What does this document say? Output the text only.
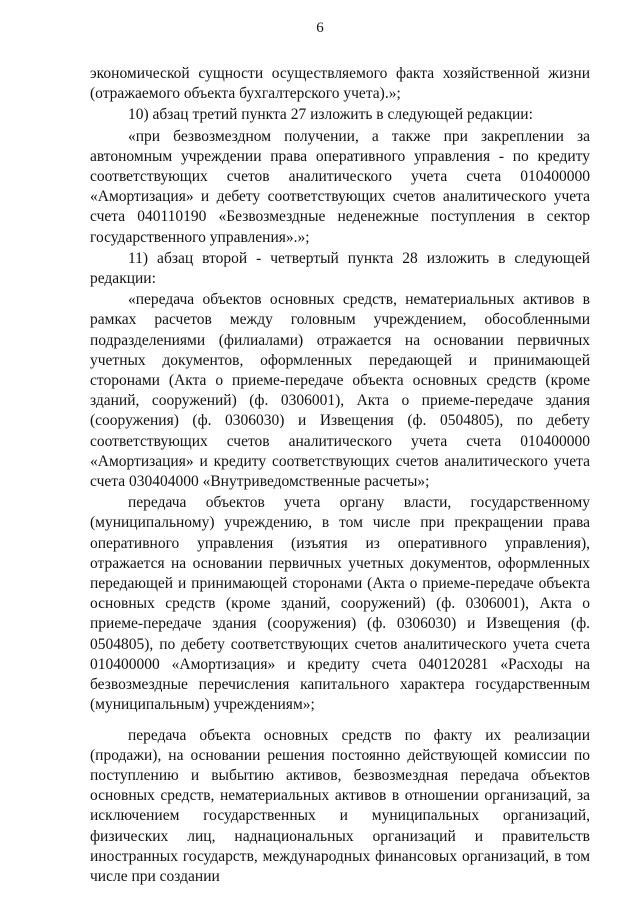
6

экономической сущности осуществляемого факта хозяйственной жизни (отражаемого объекта бухгалтерского учета).»;

10) абзац третий пункта 27 изложить в следующей редакции:

«при безвозмездном получении, а также при закреплении за автономным учреждении права оперативного управления - по кредиту соответствующих счетов аналитического учета счета 010400000 «Амортизация» и дебету соответствующих счетов аналитического учета счета 040110190 «Безвозмездные неденежные поступления в сектор государственного управления».»;

11) абзац второй - четвертый пункта 28 изложить в следующей редакции:

«передача объектов основных средств, нематериальных активов в рамках расчетов между головным учреждением, обособленными подразделениями (филиалами) отражается на основании первичных учетных документов, оформленных передающей и принимающей сторонами (Акта о приеме-передаче объекта основных средств (кроме зданий, сооружений) (ф. 0306001), Акта о приеме-передаче здания (сооружения) (ф. 0306030) и Извещения (ф. 0504805), по дебету соответствующих счетов аналитического учета счета 010400000 «Амортизация» и кредиту соответствующих счетов аналитического учета счета 030404000 «Внутриведомственные расчеты»;

передача объектов учета органу власти, государственному (муниципальному) учреждению, в том числе при прекращении права оперативного управления (изъятия из оперативного управления), отражается на основании первичных учетных документов, оформленных передающей и принимающей сторонами (Акта о приеме-передаче объекта основных средств (кроме зданий, сооружений) (ф. 0306001), Акта о приеме-передаче здания (сооружения) (ф. 0306030) и Извещения (ф. 0504805), по дебету соответствующих счетов аналитического учета счета 010400000 «Амортизация» и кредиту счета 040120281 «Расходы на безвозмездные перечисления капитального характера государственным (муниципальным) учреждениям»;

передача объекта основных средств по факту их реализации (продажи), на основании решения постоянно действующей комиссии по поступлению и выбытию активов, безвозмездная передача объектов основных средств, нематериальных активов в отношении организаций, за исключением государственных и муниципальных организаций, физических лиц, наднациональных организаций и правительств иностранных государств, международных финансовых организаций, в том числе при создании
